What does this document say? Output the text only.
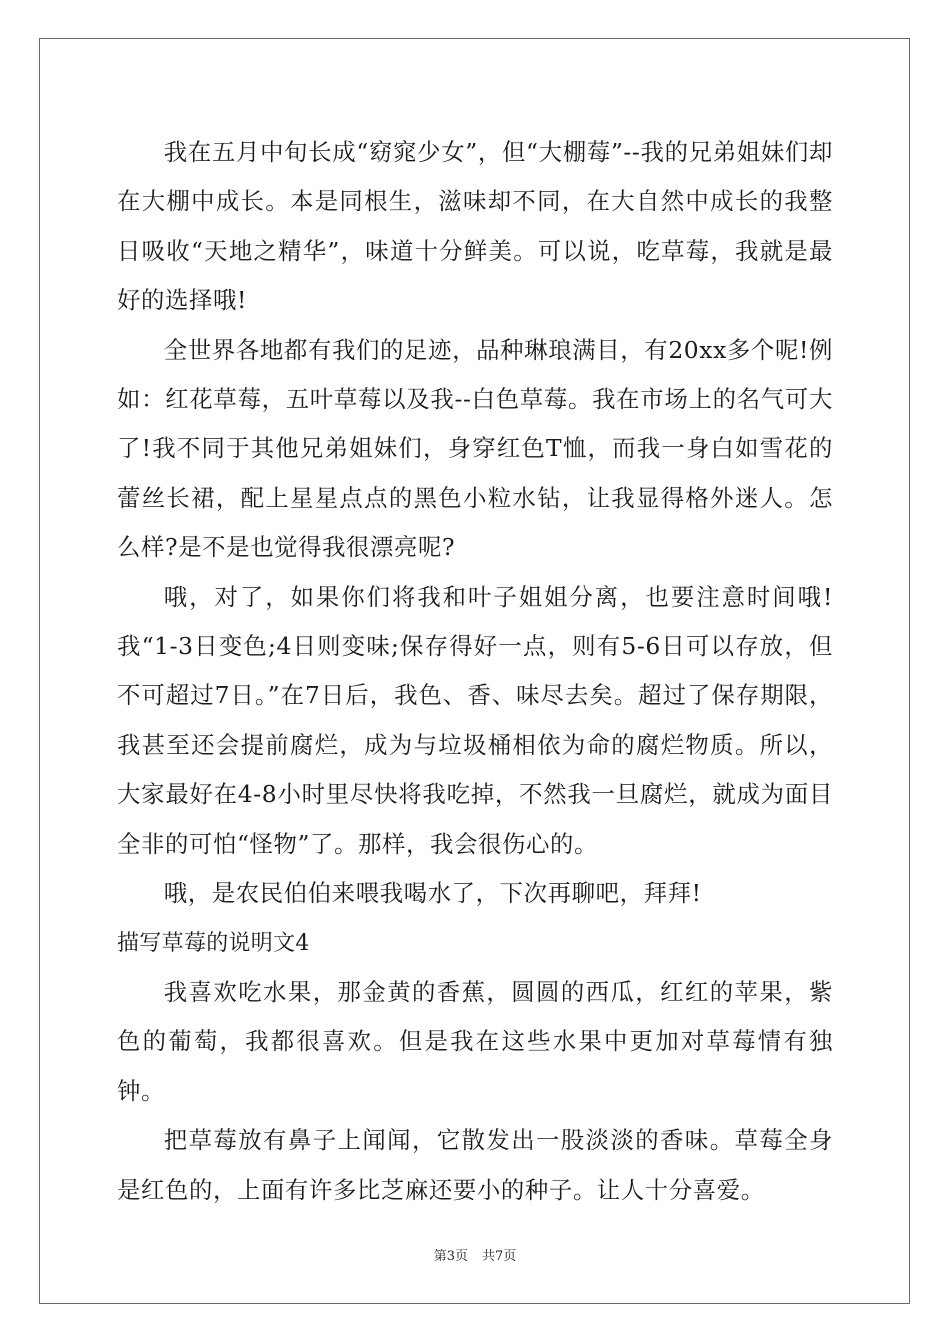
我在五月中旬长成“窈窕少女”，但“大棚莓”--我的兄弟姐妹们却在大棚中成长。本是同根生，滋味却不同，在大自然中成长的我整日吸收“天地之精华”，味道十分鲜美。可以说，吃草莓，我就是最好的选择哦!

全世界各地都有我们的足迹，品种琳琅满目，有20xx多个呢!例如：红花草莓，五叶草莓以及我--白色草莓。我在市场上的名气可大了!我不同于其他兄弟姐妹们，身穿红色T恤，而我一身白如雪花的蕾丝长裙，配上星星点点的黑色小粒水钻，让我显得格外迷人。怎么样?是不是也觉得我很漂亮呢?

哦，对了，如果你们将我和叶子姐姐分离，也要注意时间哦!我“1-3日变色;4日则变味;保存得好一点，则有5-6日可以存放，但不可超过7日。”在7日后，我色、香、味尽去矣。超过了保存期限，我甚至还会提前腐烂，成为与垃圾桶相依为命的腐烂物质。所以，大家最好在4-8小时里尽快将我吃掉，不然我一旦腐烂，就成为面目全非的可怕“怪物”了。那样，我会很伤心的。

哦，是农民伯伯来喂我喝水了，下次再聊吧，拜拜!

描写草莓的说明文4

我喜欢吃水果，那金黄的香蕉，圆圆的西瓜，红红的苹果，紫色的葡萄，我都很喜欢。但是我在这些水果中更加对草莓情有独钟。

把草莓放有鼻子上闻闻，它散发出一股淡淡的香味。草莓全身是红色的，上面有许多比芝麻还要小的种子。让人十分喜爱。

第3页 共7页
